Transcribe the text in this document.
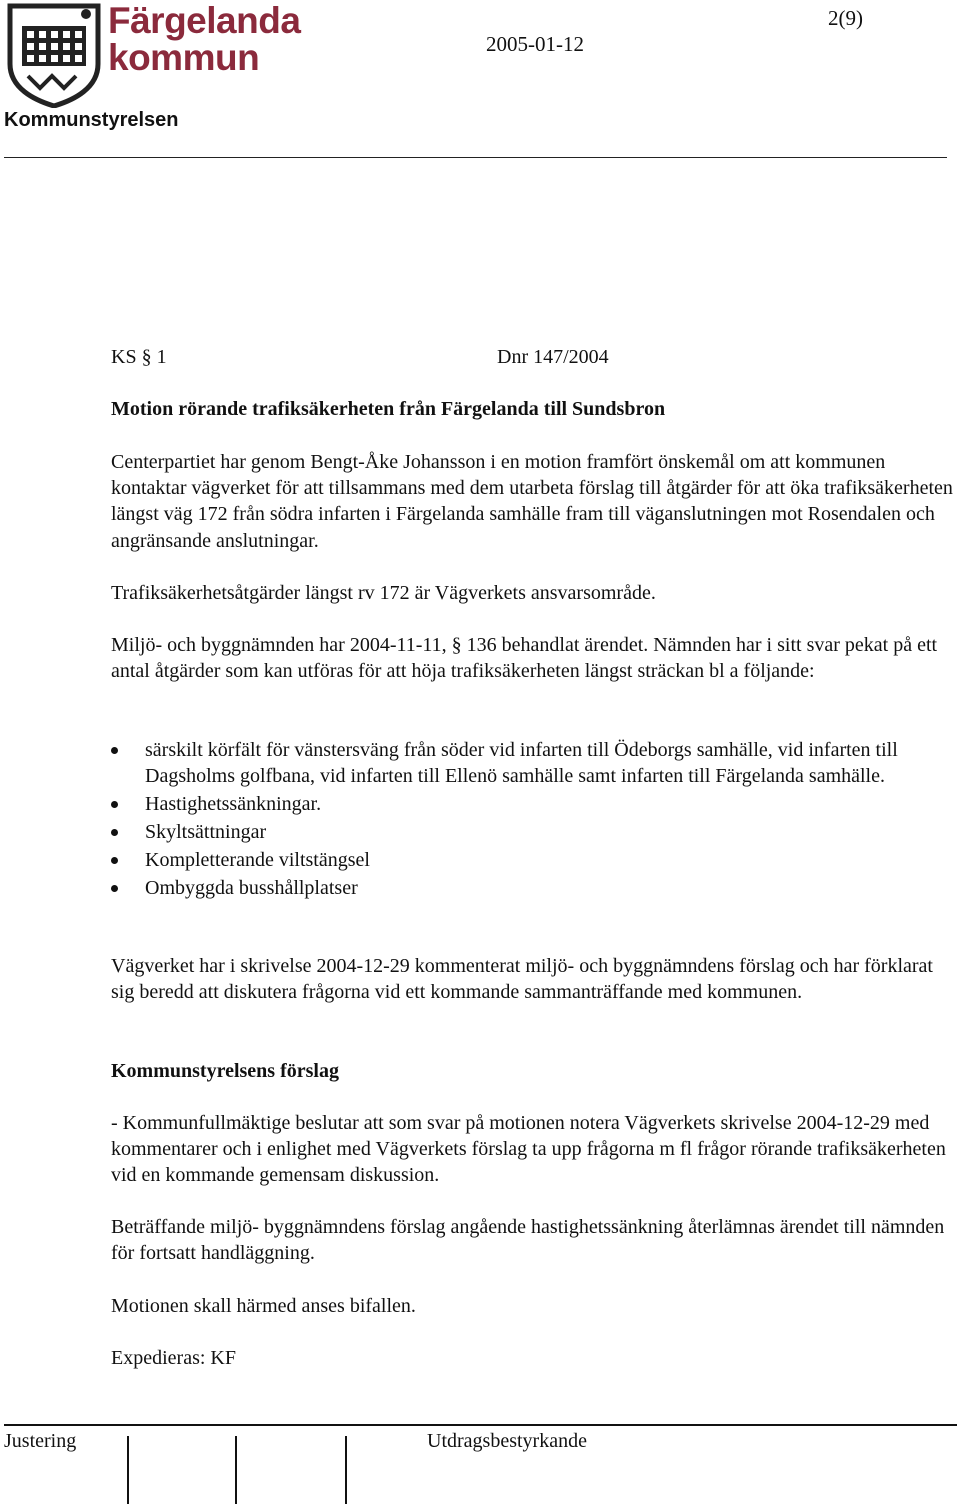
Färgelanda
kommun
2(9)
2005-01-12
Kommunstyrelsen
KS § 1	Dnr 147/2004
Motion rörande trafiksäkerheten från Färgelanda till Sundsbron

Centerpartiet har genom Bengt-Åke Johansson i en motion framfört önskemål om att kommunen kontaktar vägverket för att tillsammans med dem utarbeta förslag till åtgärder för att öka trafiksäkerheten längst väg 172 från södra infarten i Färgelanda samhälle fram till väganslutningen mot Rosendalen och angränsande anslutningar.

Trafiksäkerhetsåtgärder längst rv 172 är Vägverkets ansvarsområde.

Miljö- och byggnämnden har 2004-11-11, § 136 behandlat ärendet. Nämnden har i sitt svar pekat på ett antal åtgärder som kan utföras för att höja trafiksäkerheten längst sträckan bl a följande:

särskilt körfält för vänstersväng från söder vid infarten till Ödeborgs samhälle, vid infarten till Dagsholms golfbana, vid infarten till Ellenö samhälle samt infarten till Färgelanda samhälle.
Hastighetssänkningar.
Skyltsättningar
Kompletterande viltstängsel
Ombyggda busshållplatser

Vägverket har i skrivelse 2004-12-29 kommenterat miljö- och byggnämndens förslag och har förklarat sig beredd att diskutera frågorna vid ett kommande sammanträffande med kommunen.

Kommunstyrelsens förslag

- Kommunfullmäktige beslutar att som svar på motionen notera Vägverkets skrivelse 2004-12-29 med kommentarer och i enlighet med Vägverkets förslag ta upp frågorna m fl frågor rörande trafiksäkerheten vid en kommande gemensam diskussion.

Beträffande miljö- byggnämndens förslag angående hastighetssänkning återlämnas ärendet till nämnden för fortsatt handläggning.

Motionen skall härmed anses bifallen.

Expedieras: KF

Justering	Utdragsbestyrkande
